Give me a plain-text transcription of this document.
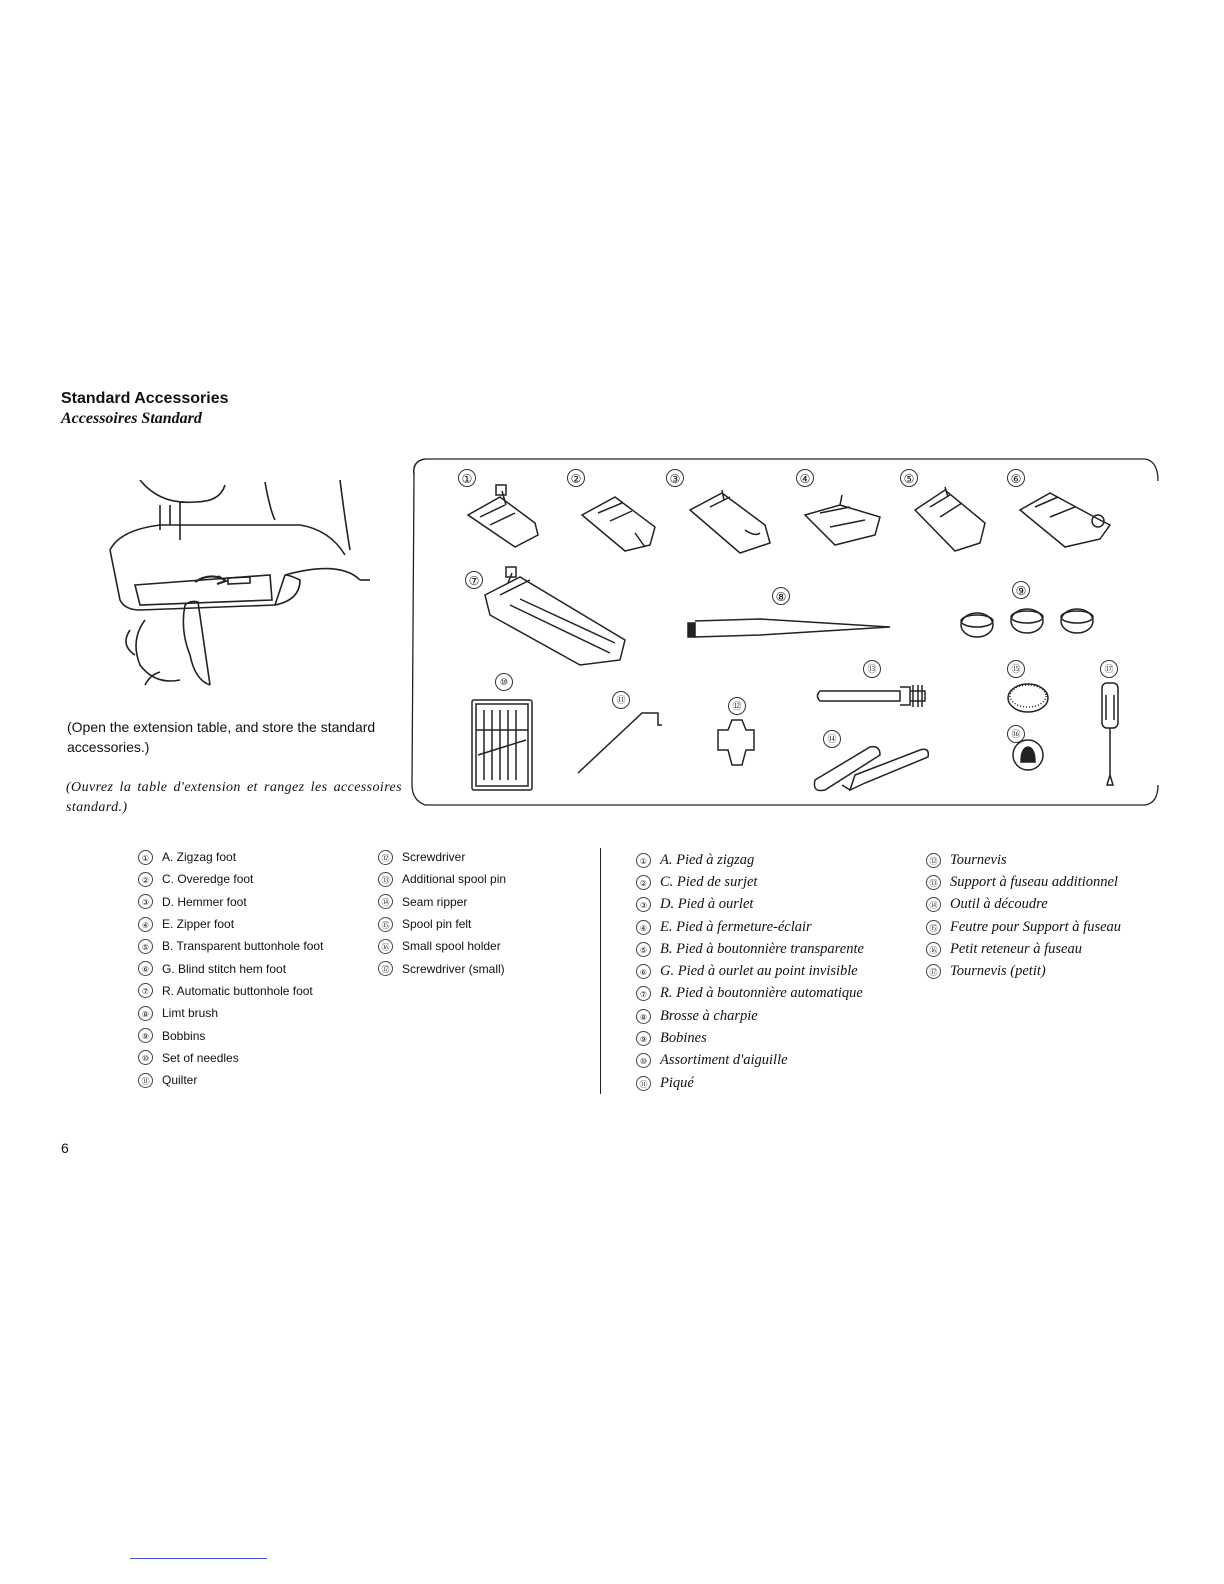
Standard Accessories
Accessoires Standard
(Open the extension table, and store the standard accessories.)
(Ouvrez la table d'extension et rangez les accessoires standard.)
①	②	③	④	⑤	⑥
⑦
⑧	⑨
⑩
⑪
⑫
⑬
⑭
⑮
⑯
⑰
①	A. Zigzag foot
②	C. Overedge foot
③	D. Hemmer foot
④	E. Zipper foot
⑤	B. Transparent buttonhole foot
⑥	G. Blind stitch hem foot
⑦	R. Automatic buttonhole foot
⑧	Limt brush
⑨	Bobbins
⑩	Set of needles
⑪ Quilter
⑫ Screwdriver
⑬ Additional spool pin
⑭ Seam ripper
⑮ Spool pin felt
⑯ Small spool holder
⑰ Screwdriver (small)
① A. Pied à zigzag
② C. Pied de surjet
③ D. Pied à ourlet
④ E. Pied à fermeture-éclair
⑤ B. Pied à boutonnière transparente
⑥ G. Pied à ourlet au point invisible
⑦ R. Pied à boutonnière automatique
⑧ Brosse à charpie
⑨ Bobines
⑩ Assortiment d'aiguille
⑪ Piqué
⑫ Tournevis
⑬ Support à fuseau additionnel
⑭ Outil à découdre
⑮ Feutre pour Support à fuseau
⑯ Petit reteneur à fuseau
⑰ Tournevis (petit)
6
